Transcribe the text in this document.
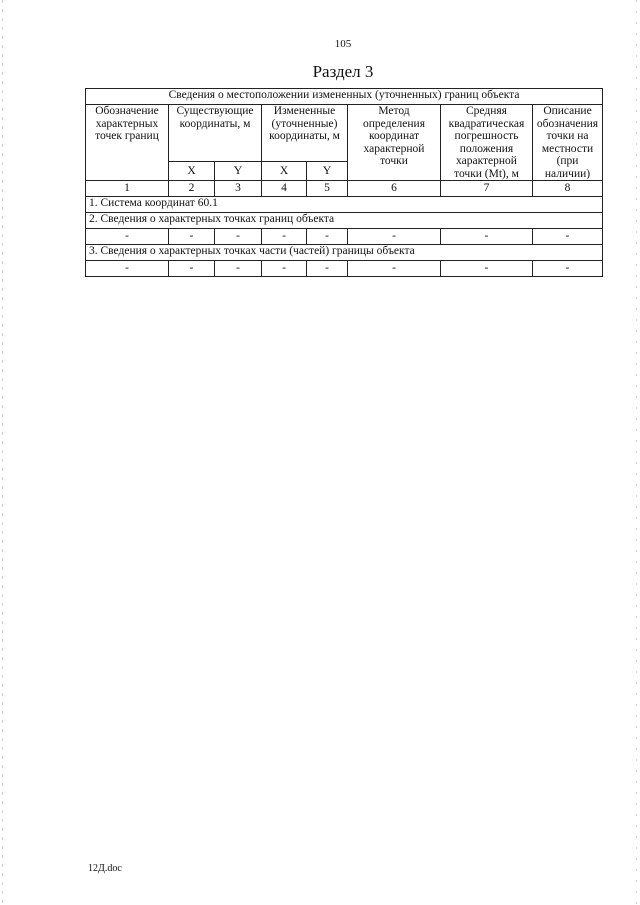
105
Раздел 3
Сведения о местоположении измененных (уточненных) границ объекта							
Обозначение характерных точек границ	Существующие координаты, м		Измененные (уточненные) координаты, м		Метод определения координат характерной точки	Средняя квадратическая погрешность положения характерной точки (Mt), м	Описание обозначения точки на местности (при наличии)
	X	Y	X	Y			
1	2	3	4	5	6	7	8
1. Система координат 60.1							
2. Сведения о характерных точках границ объекта							
-	-	-	-	-	-	-	-
3. Сведения о характерных точках части (частей) границы объекта							
-	-	-	-	-	-	-	-
12Д.doc
